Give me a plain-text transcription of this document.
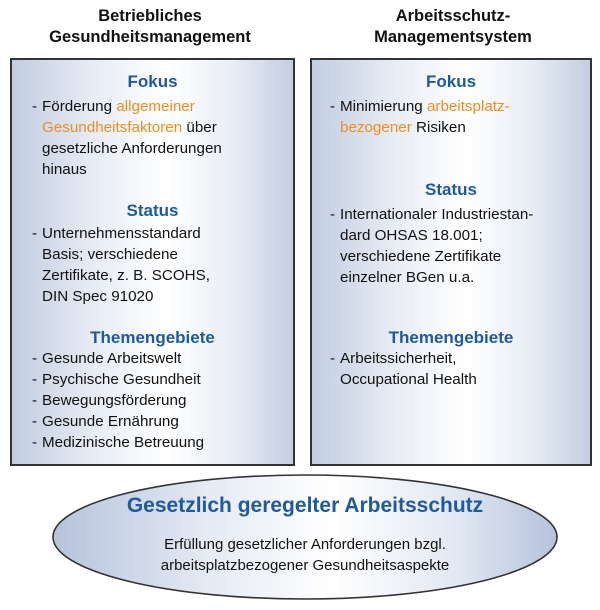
Betriebliches
Gesundheitsmanagement
Arbeitsschutz-
Managementsystem
Fokus
- Förderung allgemeiner
Gesundheitsfaktoren über
gesetzliche Anforderungen
hinaus
Status
- Unternehmensstandard
Basis; verschiedene
Zertifikate, z. B. SCOHS,
DIN Spec 91020
Themengebiete
- Gesunde Arbeitswelt
- Psychische Gesundheit
- Bewegungsförderung
- Gesunde Ernährung
- Medizinische Betreuung
Fokus
- Minimierung arbeitsplatz-
bezogener Risiken
Status
- Internationaler Industriestan-
dard OHSAS 18.001;
verschiedene Zertifikate
einzelner BGen u.a.
Themengebiete
- Arbeitssicherheit,
Occupational Health
Gesetzlich geregelter Arbeitsschutz
Erfüllung gesetzlicher Anforderungen bzgl.
arbeitsplatzbezogener Gesundheitsaspekte
